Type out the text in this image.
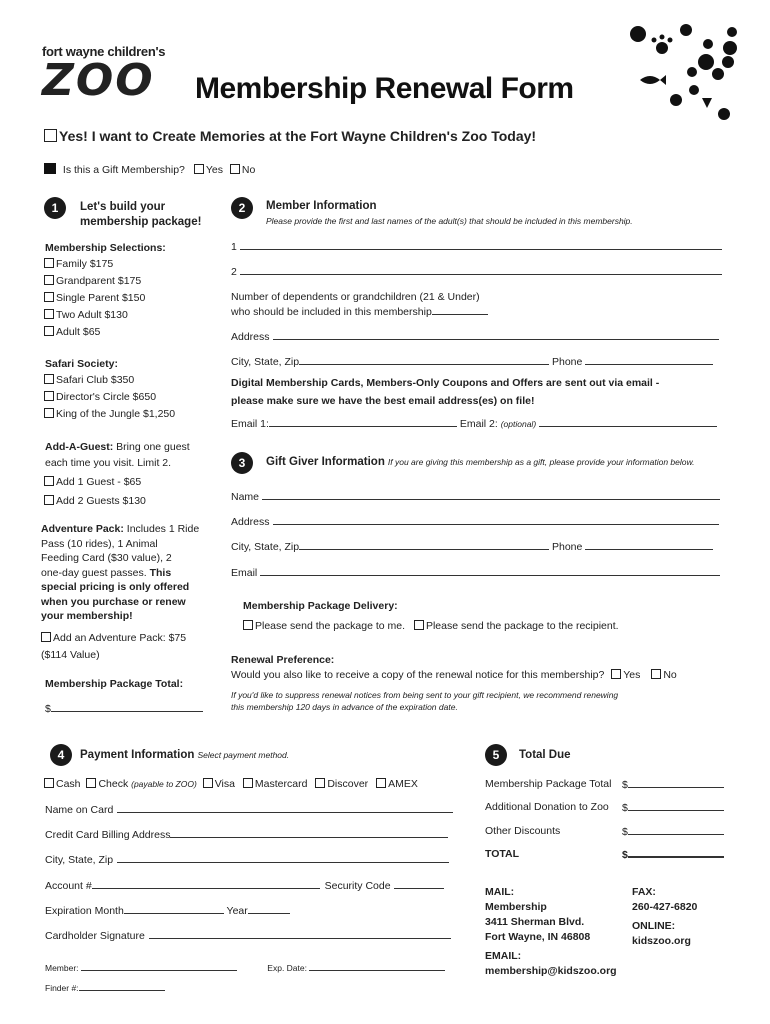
fort wayne children's
ZOO	Membership Renewal Form
Yes! I want to Create Memories at the Fort Wayne Children's Zoo Today!
Is this a Gift Membership? Yes No
1	Let's build your
membership package!
Membership Selections:
Family $175
Grandparent $175
Single Parent $150
Two Adult $130
Adult $65
Safari Society:
Safari Club $350
Director's Circle $650
King of the Jungle $1,250
Add-A-Guest: Bring one guest
each time you visit. Limit 2.
Add 1 Guest - $65
Add 2 Guests $130
Adventure Pack: Includes 1 Ride
Pass (10 rides), 1 Animal
Feeding Card ($30 value), 2
one-day guest passes. This
special pricing is only offered
when you purchase or renew
your membership!
Add an Adventure Pack: $75
($114 Value)
Membership Package Total:
$
2	Member Information
Please provide the first and last names of the adult(s) that should be included in this membership.
1
2
Number of dependents or grandchildren (21 & Under)
who should be included in this membership
Address
City, State, Zip	Phone
Digital Membership Cards, Members-Only Coupons and Offers are sent out via email -
please make sure we have the best email address(es) on file!
Email 1:	Email 2: (optional)
3	Gift Giver Information If you are giving this membership as a gift, please provide your information below.
Name
Address
City, State, Zip	Phone
Email
Membership Package Delivery:
Please send the package to me. Please send the package to the recipient.
Renewal Preference:
Would you also like to receive a copy of the renewal notice for this membership? Yes No
If you'd like to suppress renewal notices from being sent to your gift recipient, we recommend renewing
this membership 120 days in advance of the expiration date.
4	Payment Information Select payment method.
Cash Check (payable to ZOO) Visa Mastercard Discover AMEX
Name on Card
Credit Card Billing Address
City, State, Zip
Account #	Security Code
Expiration Month	Year
Cardholder Signature
Member:	Exp. Date:
Finder #:
5	Total Due
Membership Package Total $
Additional Donation to Zoo $
Other Discounts	$
TOTAL	$
MAIL:
Membership
3411 Sherman Blvd.
Fort Wayne, IN 46808
EMAIL:
membership@kidszoo.org
FAX:
260-427-6820
ONLINE:
kidszoo.org
